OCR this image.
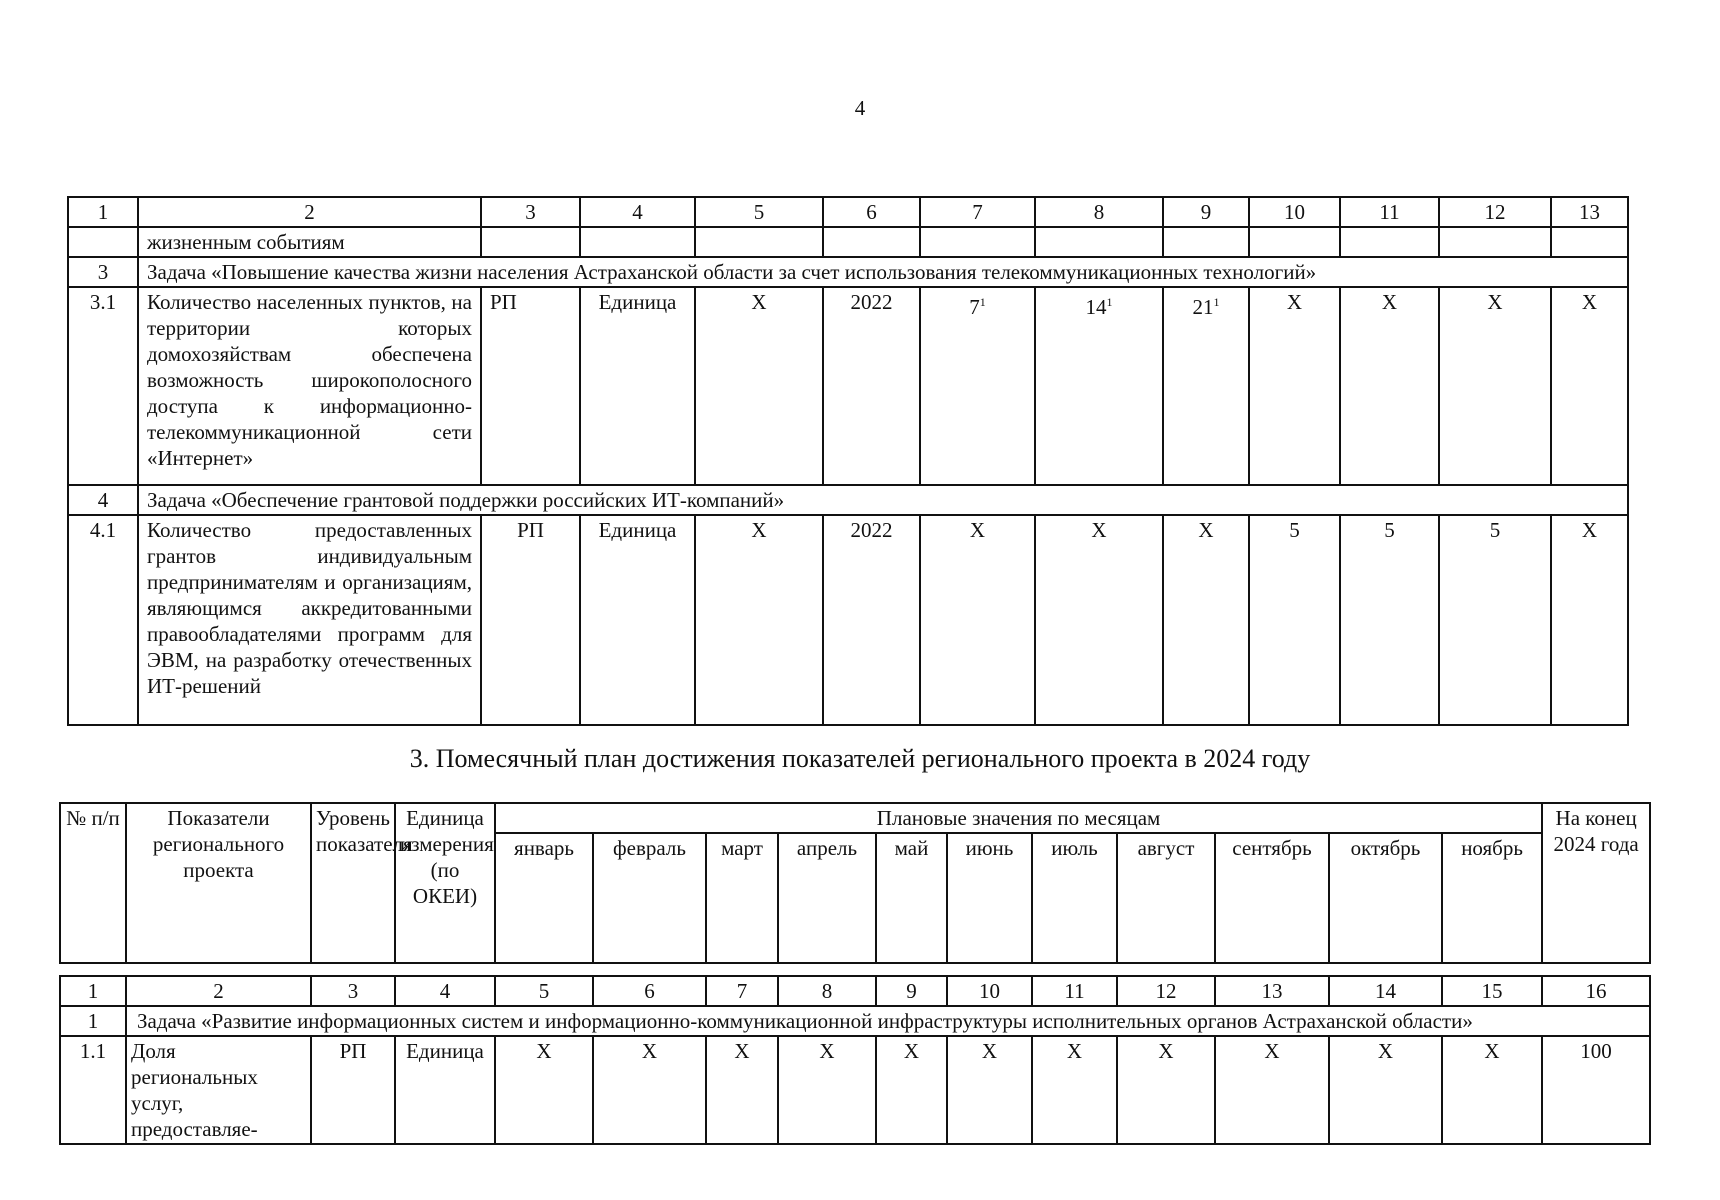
4
1	2	3	4	5	6	7	8	9	10	11	12	13
	жизненным событиям											
3	Задача «Повышение качества жизни населения Астраханской области за счет использования телекоммуникационных технологий»											
3.1	Количество населенных пунктов, на территории которых домохозяйствам обеспечена возможность широкополосного доступа к информационно-телекоммуникационной сети «Интернет»	РП	Единица	Х	2022	$7^1$	$14^1$	$21^1$	Х	Х	Х	Х
4	Задача «Обеспечение грантовой поддержки российских ИТ-компаний»											
4.1	Количество предоставленных грантов индивидуальным предпринимателям и организациям, являющимся аккредитованными правообладателями программ для ЭВМ, на разработку отечественных ИТ-решений	РП	Единица	Х	2022	Х	Х	Х	5	5	5	Х
3. Помесячный план достижения показателей регионального проекта в 2024 году
№ п/п	Показатели регионального проекта	Уровень показателя	Единица измерения (по ОКЕИ)	Плановые значения по месяцам											На конец 2024 года
				январь	февраль	март	апрель	май	июнь	июль	август	сентябрь	октябрь	ноябрь	
1	2	3	4	5	6	7	8	9	10	11	12	13	14	15	16
1	Задача «Развитие информационных систем и информационно-коммуникационной инфраструктуры исполнительных органов Астраханской области»														
1.1	Доля региональных услуг, предоставляе-	РП	Единица	Х	Х	Х	Х	Х	Х	Х	Х	Х	Х	Х	100
